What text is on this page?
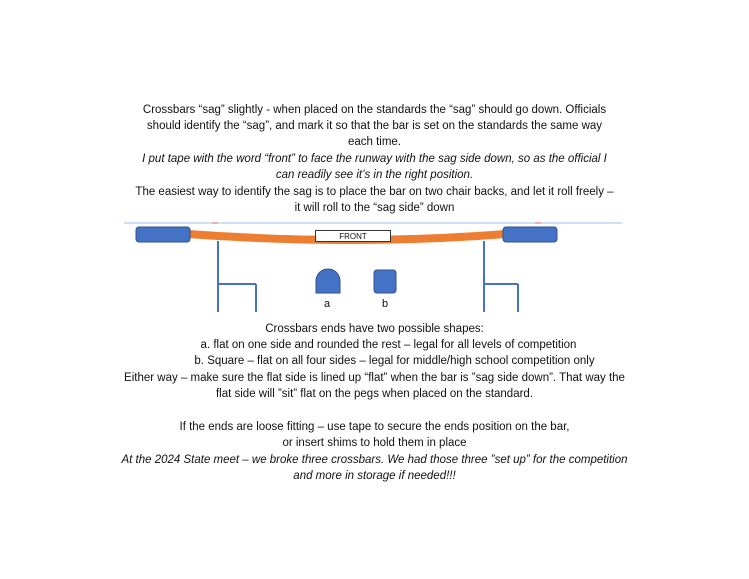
Crossbars “sag” slightly - when placed on the standards the “sag” should go down. Officials
should identify the “sag”, and mark it so that the bar is set on the standards the same way
each time.
I put tape with the word “front” to face the runway with the sag side down, so as the official I
can readily see it’s in the right position.
The easiest way to identify the sag is to place the bar on two chair backs, and let it roll freely –
it will roll to the “sag side” down
FRONT
a	b
Crossbars ends have two possible shapes:
a. flat on one side and rounded the rest – legal for all levels of competition
b. Square – flat on all four sides – legal for middle/high school competition only
Either way – make sure the flat side is lined up “flat” when the bar is ”sag side down”. That way the
flat side will ”sit” flat on the pegs when placed on the standard.
If the ends are loose fitting – use tape to secure the ends position on the bar,
or insert shims to hold them in place
At the 2024 State meet – we broke three crossbars. We had those three ”set up” for the competition
and more in storage if needed!!!
